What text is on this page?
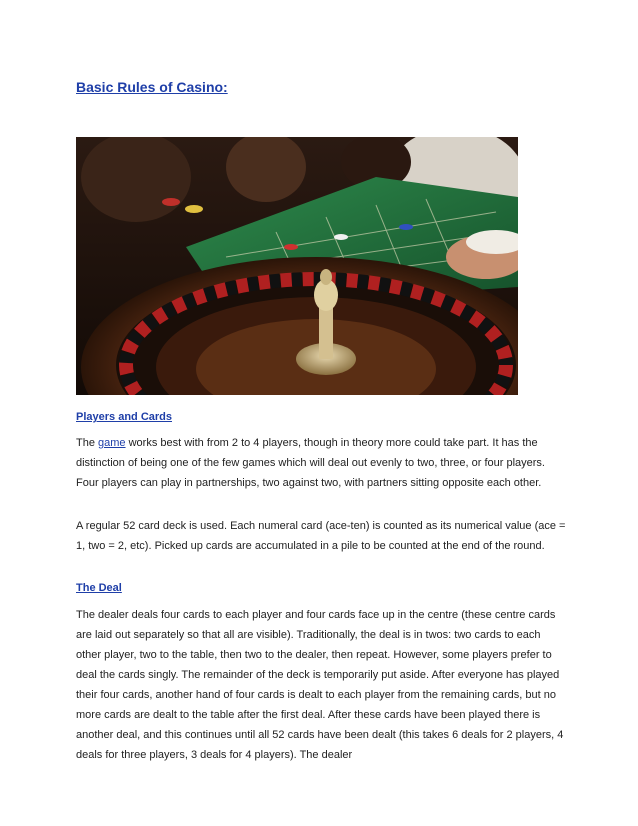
Basic Rules of Casino:
Players and Cards

The game works best with from 2 to 4 players, though in theory more could take part. It has the distinction of being one of the few games which will deal out evenly to two, three, or four players. Four players can play in partnerships, two against two, with partners sitting opposite each other.

A regular 52 card deck is used. Each numeral card (ace-ten) is counted as its numerical value (ace = 1, two = 2, etc). Picked up cards are accumulated in a pile to be counted at the end of the round.

The Deal

The dealer deals four cards to each player and four cards face up in the centre (these centre cards are laid out separately so that all are visible). Traditionally, the deal is in twos: two cards to each other player, two to the table, then two to the dealer, then repeat. However, some players prefer to deal the cards singly. The remainder of the deck is temporarily put aside. After everyone has played their four cards, another hand of four cards is dealt to each player from the remaining cards, but no more cards are dealt to the table after the first deal. After these cards have been played there is another deal, and this continues until all 52 cards have been dealt (this takes 6 deals for 2 players, 4 deals for three players, 3 deals for 4 players). The dealer
